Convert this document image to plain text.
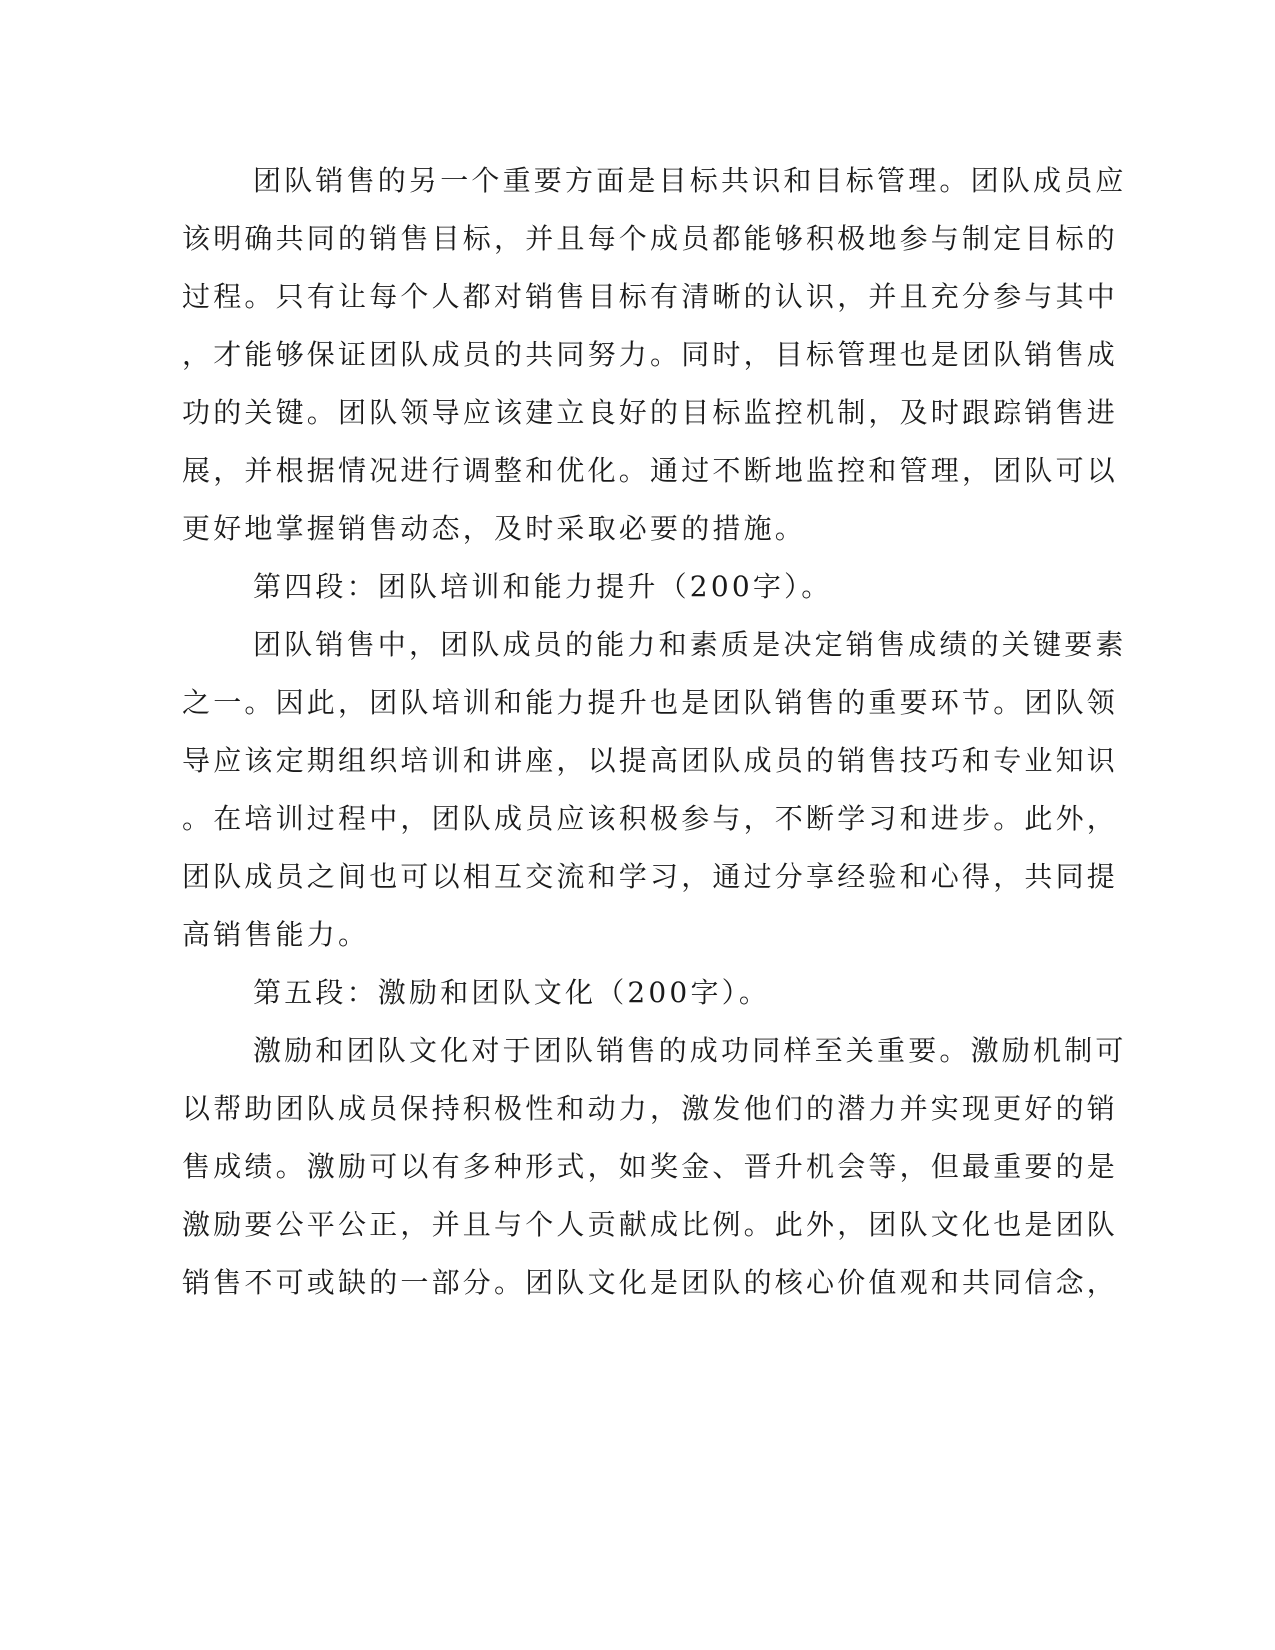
团队销售的另一个重要方面是目标共识和目标管理。团队成员应
该明确共同的销售目标，并且每个成员都能够积极地参与制定目标的
过程。只有让每个人都对销售目标有清晰的认识，并且充分参与其中
，才能够保证团队成员的共同努力。同时，目标管理也是团队销售成
功的关键。团队领导应该建立良好的目标监控机制，及时跟踪销售进
展，并根据情况进行调整和优化。通过不断地监控和管理，团队可以
更好地掌握销售动态，及时采取必要的措施。
第四段：团队培训和能力提升（200字）。
团队销售中，团队成员的能力和素质是决定销售成绩的关键要素
之一。因此，团队培训和能力提升也是团队销售的重要环节。团队领
导应该定期组织培训和讲座，以提高团队成员的销售技巧和专业知识
。在培训过程中，团队成员应该积极参与，不断学习和进步。此外，
团队成员之间也可以相互交流和学习，通过分享经验和心得，共同提
高销售能力。
第五段：激励和团队文化（200字）。
激励和团队文化对于团队销售的成功同样至关重要。激励机制可
以帮助团队成员保持积极性和动力，激发他们的潜力并实现更好的销
售成绩。激励可以有多种形式，如奖金、晋升机会等，但最重要的是
激励要公平公正，并且与个人贡献成比例。此外，团队文化也是团队
销售不可或缺的一部分。团队文化是团队的核心价值观和共同信念，
